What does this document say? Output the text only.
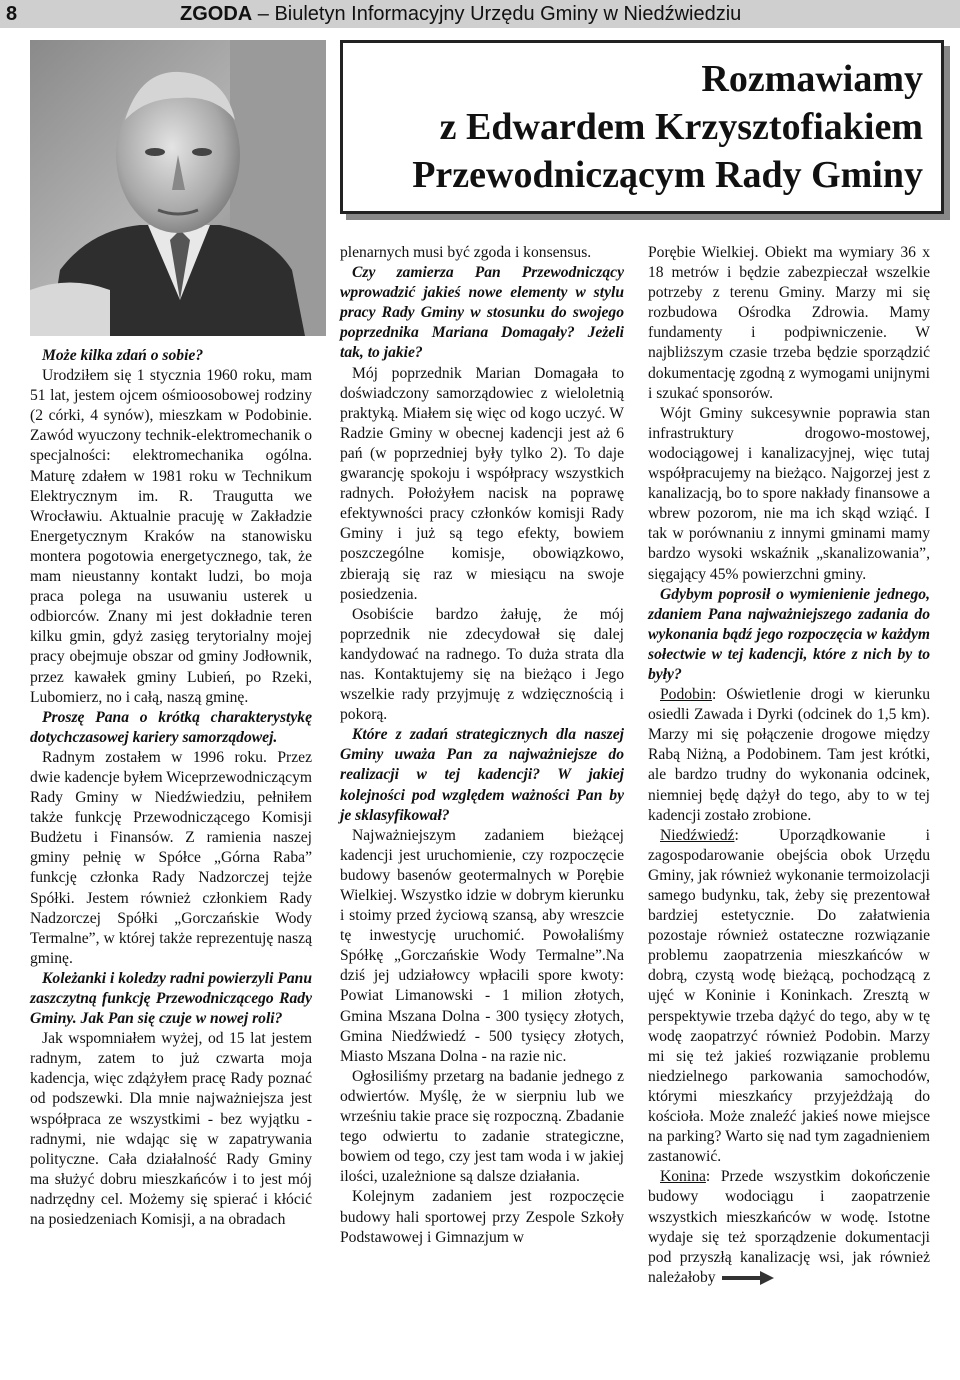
8	ZGODA – Biuletyn Informacyjny Urzędu Gminy w Niedźwiedziu
Rozmawiamy
z Edwardem Krzysztofiakiem
Przewodniczącym Rady Gminy

Może kilka zdań o sobie?

Urodziłem się 1 stycznia 1960 roku, mam 51 lat, jestem ojcem ośmioosobowej rodziny (2 córki, 4 synów), mieszkam w Podobinie. Zawód wyuczony technik-elektromechanik o specjalności: elektromechanika ogólna. Maturę zdałem w 1981 roku w Technikum Elektrycznym im. R. Traugutta we Wrocławiu. Aktualnie pracuję w Zakładzie Energetycznym Kraków na stanowisku montera pogotowia energetycznego, tak, że mam nieustanny kontakt ludzi, bo moja praca polega na usuwaniu usterek u odbiorców. Znany mi jest dokładnie teren kilku gmin, gdyż zasięg terytorialny mojej pracy obejmuje obszar od gminy Jodłownik, przez kawałek gminy Lubień, po Rzeki, Lubomierz, no i całą, naszą gminę.

Proszę Pana o krótką charakterystykę dotychczasowej kariery samorządowej.

Radnym zostałem w 1996 roku. Przez dwie kadencje byłem Wiceprzewodniczącym Rady Gminy w Niedźwiedziu, pełniłem także funkcję Przewodniczącego Komisji Budżetu i Finansów. Z ramienia naszej gminy pełnię w Spółce „Górna Raba” funkcję członka Rady Nadzorczej tejże Spółki. Jestem również członkiem Rady Nadzorczej Spółki „Gorczańskie Wody Termalne”, w której także reprezentuję naszą gminę.

Koleżanki i koledzy radni powierzyli Panu zaszczytną funkcję Przewodniczącego Rady Gminy. Jak Pan się czuje w nowej roli?

Jak wspomniałem wyżej, od 15 lat jestem radnym, zatem to już czwarta moja kadencja, więc zdążyłem pracę Rady poznać od podszewki. Dla mnie najważniejsza jest współpraca ze wszystkimi - bez wyjątku - radnymi, nie wdając się w zapatrywania polityczne. Cała działalność Rady Gminy ma służyć dobru mieszkańców i to jest mój nadrzędny cel. Możemy się spierać i kłócić na posiedzeniach Komisji, a na obradach

plenarnych musi być zgoda i konsensus.

Czy zamierza Pan Przewodniczący wprowadzić jakieś nowe elementy w stylu pracy Rady Gminy w stosunku do swojego poprzednika Mariana Domagały? Jeżeli tak, to jakie?

Mój poprzednik Marian Domagała to doświadczony samorządowiec z wieloletnią praktyką. Miałem się więc od kogo uczyć. W Radzie Gminy w obecnej kadencji jest aż 6 pań (w poprzedniej były tylko 2). To daje gwarancję spokoju i współpracy wszystkich radnych. Położyłem nacisk na poprawę efektywności pracy członków komisji Rady Gminy i już są tego efekty, bowiem poszczególne komisje, obowiązkowo, zbierają się raz w miesiącu na swoje posiedzenia.

Osobiście bardzo żałuję, że mój poprzednik nie zdecydował się dalej kandydować na radnego. To duża strata dla nas. Kontaktujemy się na bieżąco i Jego wszelkie rady przyjmuję z wdzięcznością i pokorą.

Które z zadań strategicznych dla naszej Gminy uważa Pan za najważniejsze do realizacji w tej kadencji? W jakiej kolejności pod względem ważności Pan by je sklasyfikował?

Najważniejszym zadaniem bieżącej kadencji jest uruchomienie, czy rozpoczęcie budowy basenów geotermalnych w Porębie Wielkiej. Wszystko idzie w dobrym kierunku i stoimy przed życiową szansą, aby wreszcie tę inwestycję uruchomić. Powołaliśmy Spółkę „Gorczańskie Wody Termalne”.Na dziś jej udziałowcy wpłacili spore kwoty: Powiat Limanowski - 1 milion złotych, Gmina Mszana Dolna - 300 tysięcy złotych, Gmina Niedźwiedź - 500 tysięcy złotych, Miasto Mszana Dolna - na razie nic.

Ogłosiliśmy przetarg na badanie jednego z odwiertów. Myślę, że w sierpniu lub we wrześniu takie prace się rozpoczną. Zbadanie tego odwiertu to zadanie strategiczne, bowiem od tego, czy jest tam woda i w jakiej ilości, uzależnione są dalsze działania.

Kolejnym zadaniem jest rozpoczęcie budowy hali sportowej przy Zespole Szkoły Podstawowej i Gimnazjum w

Porębie Wielkiej. Obiekt ma wymiary 36 x 18 metrów i będzie zabezpieczał wszelkie potrzeby z terenu Gminy. Marzy mi się rozbudowa Ośrodka Zdrowia. Mamy fundamenty i podpiwniczenie. W najbliższym czasie trzeba będzie sporządzić dokumentację zgodną z wymogami unijnymi i szukać sponsorów.

Wójt Gminy sukcesywnie poprawia stan infrastruktury drogowo-mostowej, wodociągowej i kanalizacyjnej, więc tutaj współpracujemy na bieżąco. Najgorzej jest z kanalizacją, bo to spore nakłady finansowe a wbrew pozorom, nie ma ich skąd wziąć. I tak w porównaniu z innymi gminami mamy bardzo wysoki wskaźnik „skanalizowania”, sięgający 45% powierzchni gminy.

Gdybym poprosił o wymienienie jednego, zdaniem Pana najważniejszego zadania do wykonania bądź jego rozpoczęcia w każdym sołectwie w tej kadencji, które z nich by to były?

Podobin: Oświetlenie drogi w kierunku osiedli Zawada i Dyrki (odcinek do 1,5 km). Marzy mi się połączenie drogowe między Rabą Niżną, a Podobinem. Tam jest krótki, ale bardzo trudny do wykonania odcinek, niemniej będę dążył do tego, aby to w tej kadencji zostało zrobione.

Niedźwiedź: Uporządkowanie i zagospodarowanie obejścia obok Urzędu Gminy, jak również wykonanie termoizolacji samego budynku, tak, żeby się prezentował bardziej estetycznie. Do załatwienia pozostaje również ostateczne rozwiązanie problemu zaopatrzenia mieszkańców w dobrą, czystą wodę bieżącą, pochodzącą z ujęć w Koninie i Koninkach. Zresztą w perspektywie trzeba dążyć do tego, aby w tę wodę zaopatrzyć również Podobin. Marzy mi się też jakieś rozwiązanie problemu niedzielnego parkowania samochodów, którymi mieszkańcy przyjeżdżają do kościoła. Może znaleźć jakieś nowe miejsce na parking? Warto się nad tym zagadnieniem zastanowić.

Konina: Przede wszystkim dokończenie budowy wodociągu i zaopatrzenie wszystkich mieszkańców w wodę. Istotne wydaje się też sporządzenie dokumentacji pod przyszłą kanalizację wsi, jak również należałoby
